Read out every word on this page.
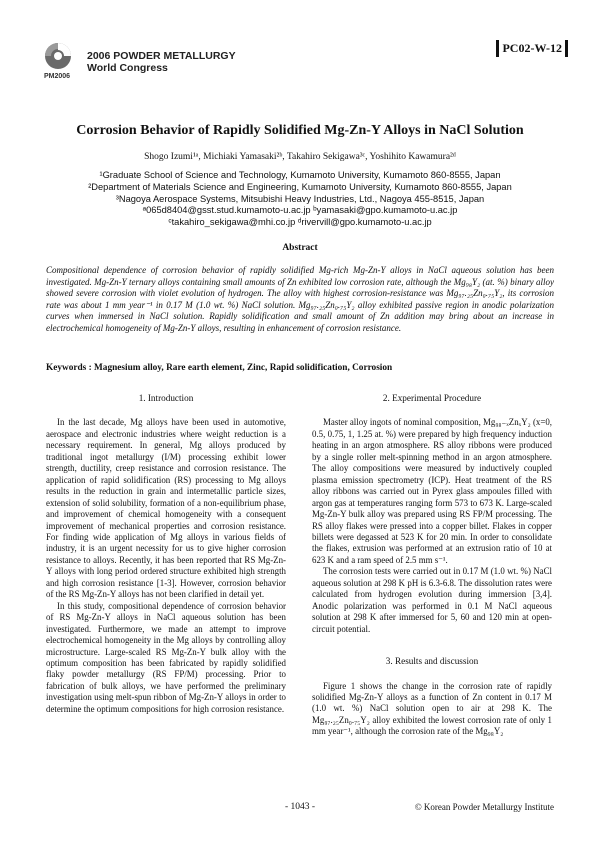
PM2006
2006 POWDER METALLURGY
World Congress
PC02-W-12
Corrosion Behavior of Rapidly Solidified Mg-Zn-Y Alloys in NaCl Solution
Shogo Izumi¹ᵃ, Michiaki Yamasaki²ᵇ, Takahiro Sekigawa³ᶜ, Yoshihito Kawamura²ᵈ
¹Graduate School of Science and Technology, Kumamoto University, Kumamoto 860-8555, Japan
²Department of Materials Science and Engineering, Kumamoto University, Kumamoto 860-8555, Japan
³Nagoya Aerospace Systems, Mitsubishi Heavy Industries, Ltd., Nagoya 455-8515, Japan
ᵃ065d8404@gsst.stud.kumamoto-u.ac.jp ᵇyamasaki@gpo.kumamoto-u.ac.jp
ᶜtakahiro_sekigawa@mhi.co.jp ᵈrivervill@gpo.kumamoto-u.ac.jp
Abstract
Compositional dependence of corrosion behavior of rapidly solidified Mg-rich Mg-Zn-Y alloys in NaCl aqueous solution has been investigated. Mg-Zn-Y ternary alloys containing small amounts of Zn exhibited low corrosion rate, although the Mg₉₈Y₂ (at. %) binary alloy showed severe corrosion with violet evolution of hydrogen. The alloy with highest corrosion-resistance was Mg₉₇.₂₅Zn₀.₇₅Y₂, its corrosion rate was about 1 mm year⁻¹ in 0.17 M (1.0 wt. %) NaCl solution. Mg₉₇.₂₅Zn₀.₇₅Y₂ alloy exhibited passive region in anodic polarization curves when immersed in NaCl solution. Rapidly solidification and small amount of Zn addition may bring about an increase in electrochemical homogeneity of Mg-Zn-Y alloys, resulting in enhancement of corrosion resistance.
Keywords : Magnesium alloy, Rare earth element, Zinc, Rapid solidification, Corrosion
1. Introduction

In the last decade, Mg alloys have been used in automotive, aerospace and electronic industries where weight reduction is a necessary requirement. In general, Mg alloys produced by traditional ingot metallurgy (I/M) processing exhibit lower strength, ductility, creep resistance and corrosion resistance. The application of rapid solidification (RS) processing to Mg alloys results in the reduction in grain and intermetallic particle sizes, extension of solid solubility, formation of a non-equilibrium phase, and improvement of chemical homogeneity with a consequent improvement of mechanical properties and corrosion resistance. For finding wide application of Mg alloys in various fields of industry, it is an urgent necessity for us to give higher corrosion resistance to alloys. Recently, it has been reported that RS Mg-Zn-Y alloys with long period ordered structure exhibited high strength and high corrosion resistance [1-3]. However, corrosion behavior of the RS Mg-Zn-Y alloys has not been clarified in detail yet.

In this study, compositional dependence of corrosion behavior of RS Mg-Zn-Y alloys in NaCl aqueous solution has been investigated. Furthermore, we made an attempt to improve electrochemical homogeneity in the Mg alloys by controlling alloy microstructure. Large-scaled RS Mg-Zn-Y bulk alloy with the optimum composition has been fabricated by rapidly solidified flaky powder metallurgy (RS FP/M) processing. Prior to fabrication of bulk alloys, we have performed the preliminary investigation using melt-spun ribbon of Mg-Zn-Y alloys in order to determine the optimum compositions for high corrosion resistance.

2. Experimental Procedure

Master alloy ingots of nominal composition, Mg₉₈₋ₓZnₓY₂ (x=0, 0.5, 0.75, 1, 1.25 at. %) were prepared by high frequency induction heating in an argon atmosphere. RS alloy ribbons were produced by a single roller melt-spinning method in an argon atmosphere. The alloy compositions were measured by inductively coupled plasma emission spectrometry (ICP). Heat treatment of the RS alloy ribbons was carried out in Pyrex glass ampoules filled with argon gas at temperatures ranging form 573 to 673 K. Large-scaled Mg-Zn-Y bulk alloy was prepared using RS FP/M processing. The RS alloy flakes were pressed into a copper billet. Flakes in copper billets were degassed at 523 K for 20 min. In order to consolidate the flakes, extrusion was performed at an extrusion ratio of 10 at 623 K and a ram speed of 2.5 mm s⁻¹.

The corrosion tests were carried out in 0.17 M (1.0 wt. %) NaCl aqueous solution at 298 K pH is 6.3-6.8. The dissolution rates were calculated from hydrogen evolution during immersion [3,4]. Anodic polarization was performed in 0.1 M NaCl aqueous solution at 298 K after immersed for 5, 60 and 120 min at open-circuit potential.

3. Results and discussion

Figure 1 shows the change in the corrosion rate of rapidly solidified Mg-Zn-Y alloys as a function of Zn content in 0.17 M (1.0 wt. %) NaCl solution open to air at 298 K. The Mg₉₇.₂₅Zn₀.₇₅Y₂ alloy exhibited the lowest corrosion rate of only 1 mm year⁻¹, although the corrosion rate of the Mg₉₈Y₂

- 1043 -	© Korean Powder Metallurgy Institute
